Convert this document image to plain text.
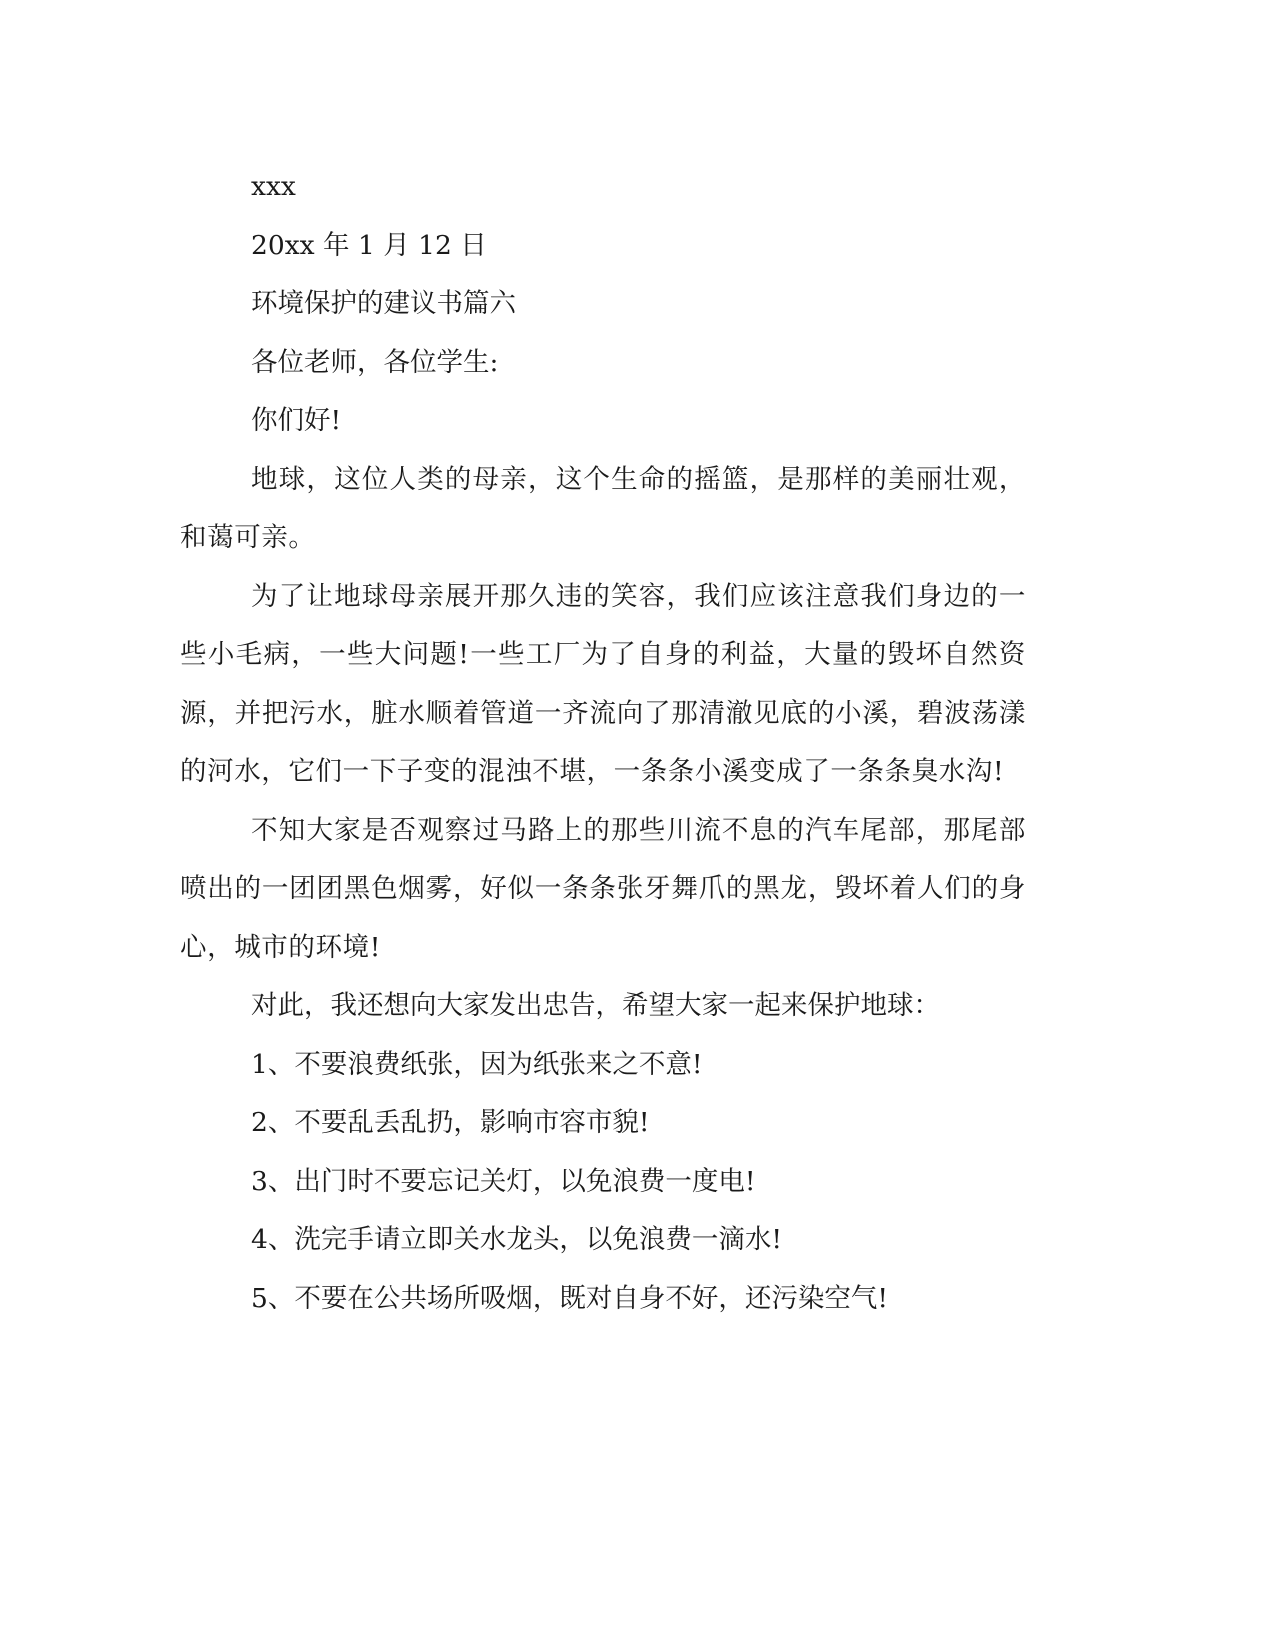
xxx

20xx 年 1 月 12 日

环境保护的建议书篇六

各位老师，各位学生:

你们好!

地球，这位人类的母亲，这个生命的摇篮，是那样的美丽壮观，和蔼可亲。

为了让地球母亲展开那久违的笑容，我们应该注意我们身边的一些小毛病，一些大问题!一些工厂为了自身的利益，大量的毁坏自然资源，并把污水，脏水顺着管道一齐流向了那清澈见底的小溪，碧波荡漾的河水，它们一下子变的混浊不堪，一条条小溪变成了一条条臭水沟!

不知大家是否观察过马路上的那些川流不息的汽车尾部，那尾部喷出的一团团黑色烟雾，好似一条条张牙舞爪的黑龙，毁坏着人们的身心，城市的环境!

对此，我还想向大家发出忠告，希望大家一起来保护地球：

1、不要浪费纸张，因为纸张来之不意!

2、不要乱丢乱扔，影响市容市貌!

3、出门时不要忘记关灯，以免浪费一度电!

4、洗完手请立即关水龙头，以免浪费一滴水!

5、不要在公共场所吸烟，既对自身不好，还污染空气!
